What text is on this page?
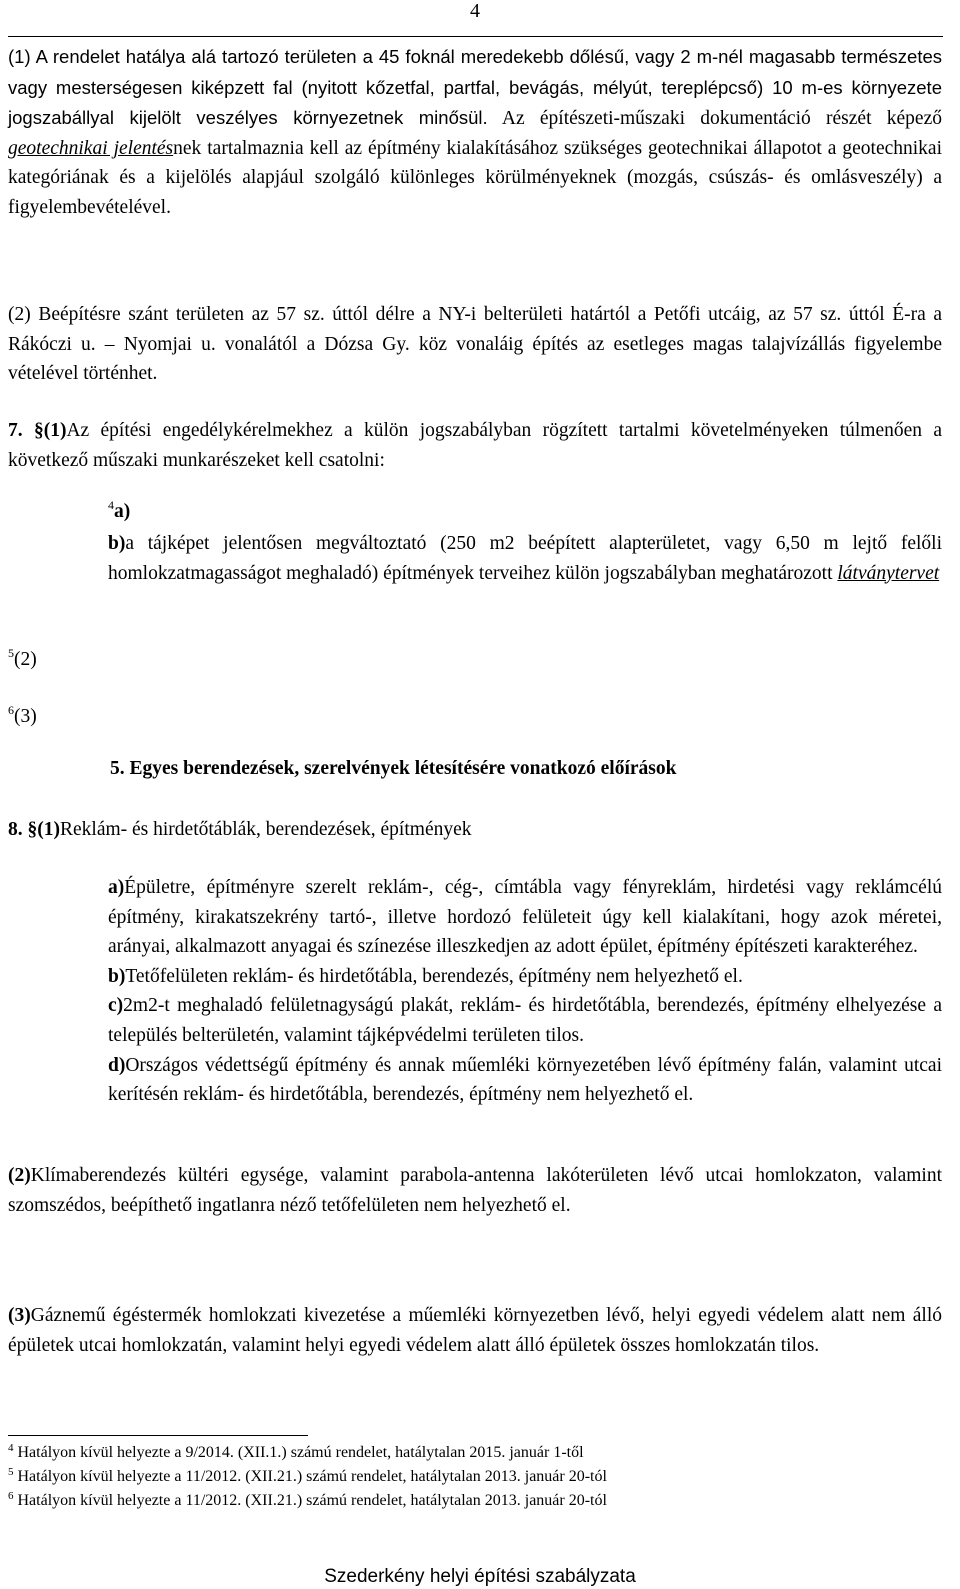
4
(1) A rendelet hatálya alá tartozó területen a 45 foknál meredekebb dőlésű, vagy 2 m-nél magasabb természetes vagy mesterségesen kiképzett fal (nyitott kőzetfal, partfal, bevágás, mélyút, tereplépcső) 10 m-es környezete jogszabállyal kijelölt veszélyes környezetnek minősül. Az építészeti-műszaki dokumentáció részét képező geotechnikai jelentésnek tartalmaznia kell az építmény kialakításához szükséges geotechnikai állapotot a geotechnikai kategóriának és a kijelölés alapjául szolgáló különleges körülményeknek (mozgás, csúszás- és omlásveszély) a figyelembevételével.
(2) Beépítésre szánt területen az 57 sz. úttól délre a NY-i belterületi határtól a Petőfi utcáig, az 57 sz. úttól É-ra a Rákóczi u. – Nyomjai u. vonalától a Dózsa Gy. köz vonaláig építés az esetleges magas talajvízállás figyelembe vételével történhet.
7. §(1)Az építési engedélykérelmekhez a külön jogszabályban rögzített tartalmi követelményeken túlmenően a következő műszaki munkarészeket kell csatolni:
$^4$a)
b)a tájképet jelentősen megváltoztató (250 m2 beépített alapterületet, vagy 6,50 m lejtő felőli homlokzatmagasságot meghaladó) építmények terveihez külön jogszabályban meghatározott látványtervet
$^5$(2)
$^6$(3)
5. Egyes berendezések, szerelvények létesítésére vonatkozó előírások
8. §(1)Reklám- és hirdetőtáblák, berendezések, építmények
a)Épületre, építményre szerelt reklám-, cég-, címtábla vagy fényreklám, hirdetési vagy reklámcélú építmény, kirakatszekrény tartó-, illetve hordozó felületeit úgy kell kialakítani, hogy azok méretei, arányai, alkalmazott anyagai és színezése illeszkedjen az adott épület, építmény építészeti karakteréhez.
b)Tetőfelületen reklám- és hirdetőtábla, berendezés, építmény nem helyezhető el.
c)2m2-t meghaladó felületnagyságú plakát, reklám- és hirdetőtábla, berendezés, építmény elhelyezése a település belterületén, valamint tájképvédelmi területen tilos.
d)Országos védettségű építmény és annak műemléki környezetében lévő építmény falán, valamint utcai kerítésén reklám- és hirdetőtábla, berendezés, építmény nem helyezhető el.
(2)Klímaberendezés kültéri egysége, valamint parabola-antenna lakóterületen lévő utcai homlokzaton, valamint szomszédos, beépíthető ingatlanra néző tetőfelületen nem helyezhető el.
(3)Gáznemű égéstermék homlokzati kivezetése a műemléki környezetben lévő, helyi egyedi védelem alatt nem álló épületek utcai homlokzatán, valamint helyi egyedi védelem alatt álló épületek összes homlokzatán tilos.
$^4$ Hatályon kívül helyezte a 9/2014. (XII.1.) számú rendelet, hatálytalan 2015. január 1-től
$^5$ Hatályon kívül helyezte a 11/2012. (XII.21.) számú rendelet, hatálytalan 2013. január 20-tól
$^6$ Hatályon kívül helyezte a 11/2012. (XII.21.) számú rendelet, hatálytalan 2013. január 20-tól
Szederkény helyi építési szabályzata
